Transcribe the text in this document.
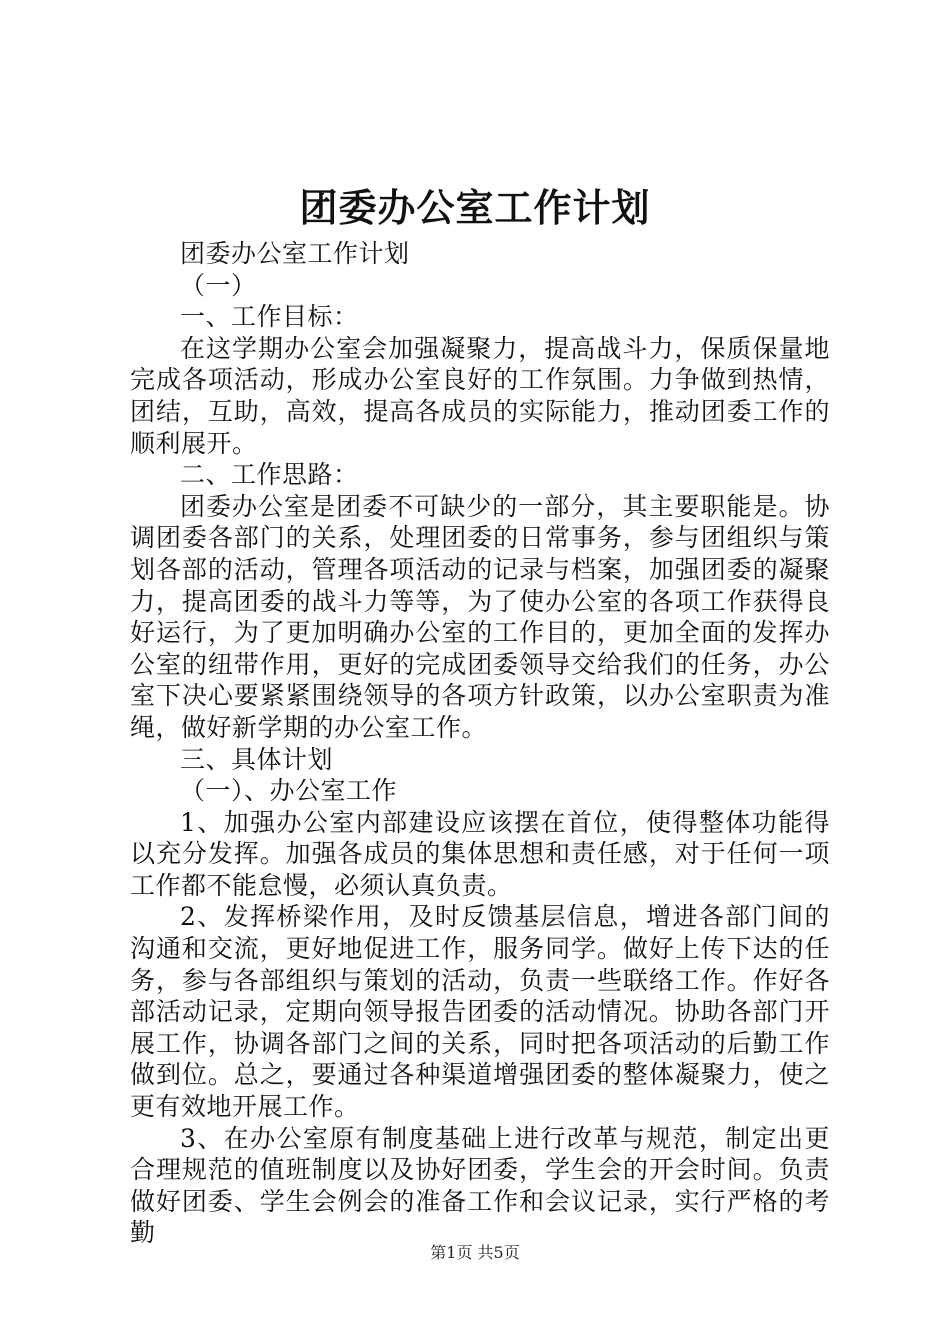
团委办公室工作计划

团委办公室工作计划

（一）

一、工作目标：

在这学期办公室会加强凝聚力，提高战斗力，保质保量地完成各项活动，形成办公室良好的工作氛围。力争做到热情，团结，互助，高效，提高各成员的实际能力，推动团委工作的顺利展开。

二、工作思路：

团委办公室是团委不可缺少的一部分，其主要职能是。协调团委各部门的关系，处理团委的日常事务，参与团组织与策划各部的活动，管理各项活动的记录与档案，加强团委的凝聚力，提高团委的战斗力等等，为了使办公室的各项工作获得良好运行，为了更加明确办公室的工作目的，更加全面的发挥办公室的纽带作用，更好的完成团委领导交给我们的任务，办公室下决心要紧紧围绕领导的各项方针政策，以办公室职责为准绳，做好新学期的办公室工作。

三、具体计划

（一）、办公室工作

1、加强办公室内部建设应该摆在首位，使得整体功能得以充分发挥。加强各成员的集体思想和责任感，对于任何一项工作都不能怠慢，必须认真负责。

2、发挥桥梁作用，及时反馈基层信息，增进各部门间的沟通和交流，更好地促进工作，服务同学。做好上传下达的任务，参与各部组织与策划的活动，负责一些联络工作。作好各部活动记录，定期向领导报告团委的活动情况。协助各部门开展工作，协调各部门之间的关系，同时把各项活动的后勤工作做到位。总之，要通过各种渠道增强团委的整体凝聚力，使之更有效地开展工作。

3、在办公室原有制度基础上进行改革与规范，制定出更合理规范的值班制度以及协好团委，学生会的开会时间。负责做好团委、学生会例会的准备工作和会议记录，实行严格的考勤

第1页 共5页
